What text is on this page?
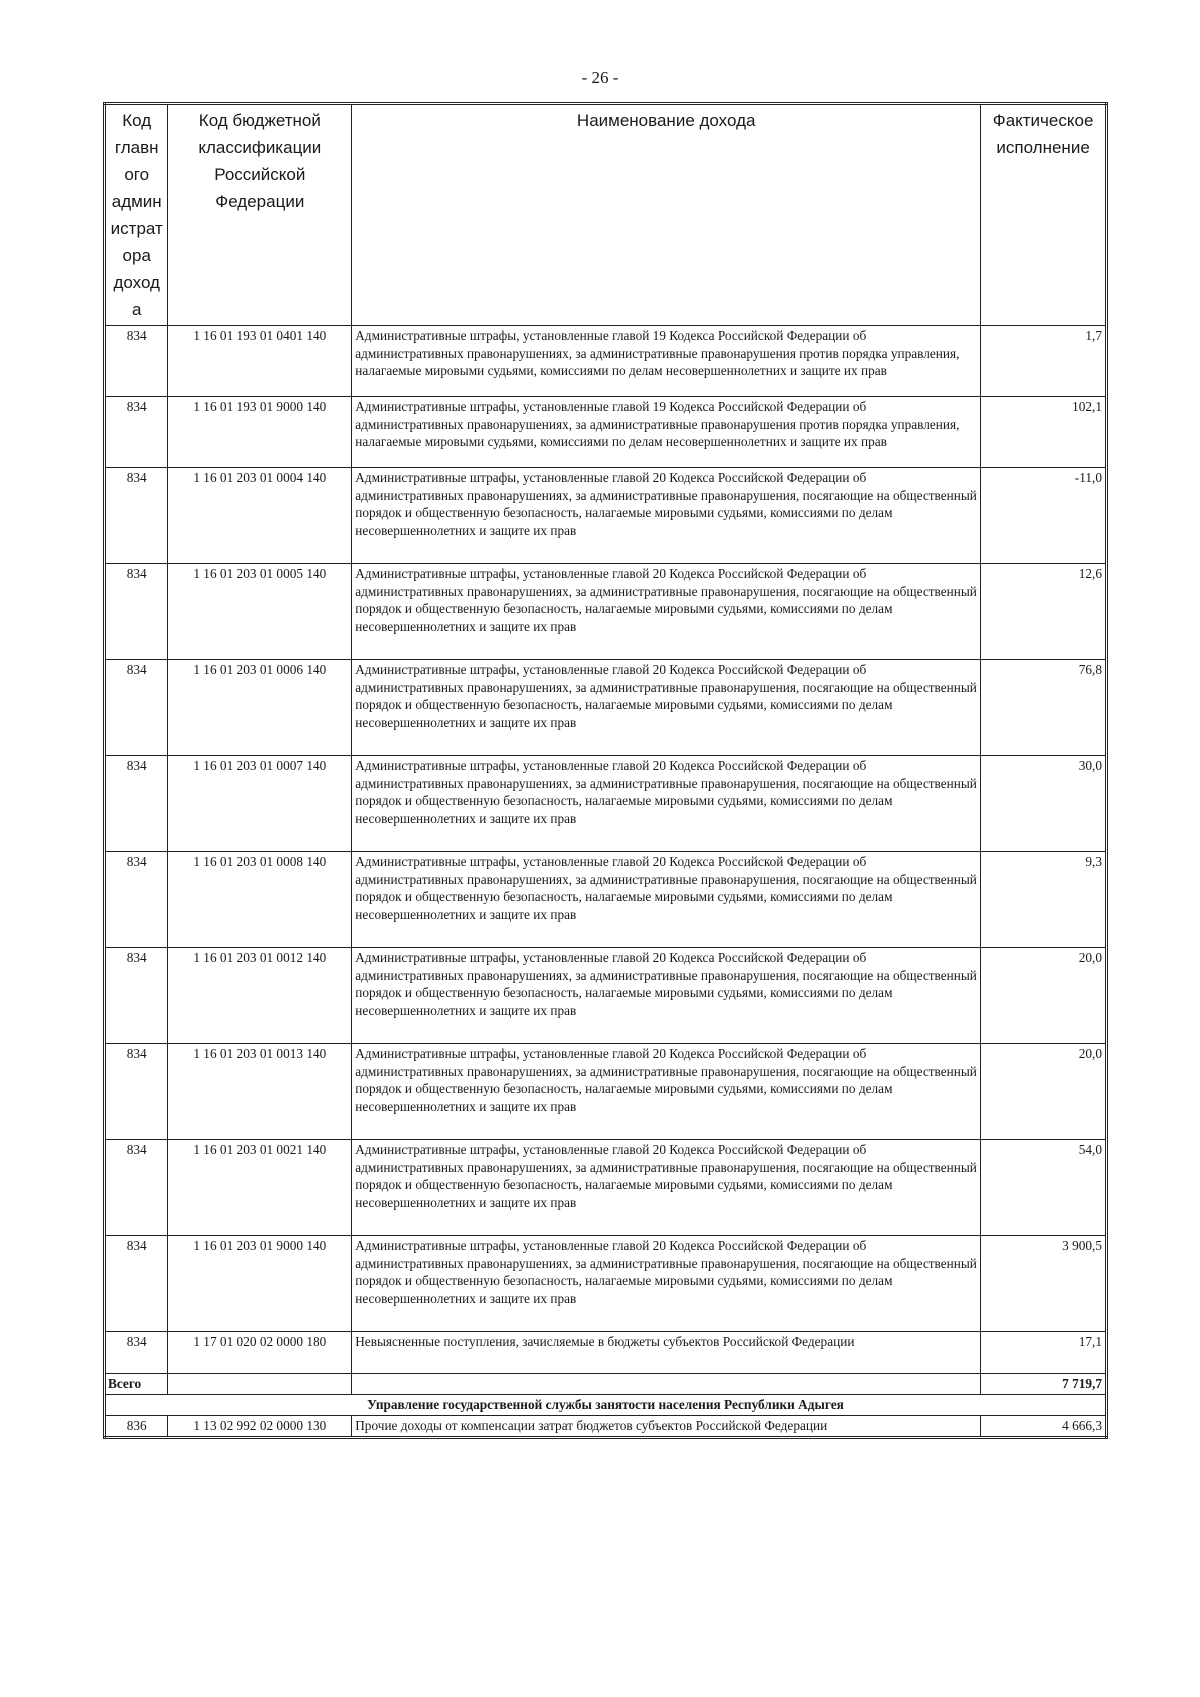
- 26 -
Код главн ого админ истрат ора доход а	Код бюджетной классификации Российской Федерации	Наименование дохода	Фактическое исполнение
834	1 16 01 193 01 0401 140	Административные штрафы, установленные главой 19 Кодекса Российской Федерации об административных правонарушениях, за административные правонарушения против порядка управления, налагаемые мировыми судьями, комиссиями по делам несовершеннолетних и защите их прав	1,7
834	1 16 01 193 01 9000 140	Административные штрафы, установленные главой 19 Кодекса Российской Федерации об административных правонарушениях, за административные правонарушения против порядка управления, налагаемые мировыми судьями, комиссиями по делам несовершеннолетних и защите их прав	102,1
834	1 16 01 203 01 0004 140	Административные штрафы, установленные главой 20 Кодекса Российской Федерации об административных правонарушениях, за административные правонарушения, посягающие на общественный порядок и общественную безопасность, налагаемые мировыми судьями, комиссиями по делам несовершеннолетних и защите их прав	-11,0
834	1 16 01 203 01 0005 140	Административные штрафы, установленные главой 20 Кодекса Российской Федерации об административных правонарушениях, за административные правонарушения, посягающие на общественный порядок и общественную безопасность, налагаемые мировыми судьями, комиссиями по делам несовершеннолетних и защите их прав	12,6
834	1 16 01 203 01 0006 140	Административные штрафы, установленные главой 20 Кодекса Российской Федерации об административных правонарушениях, за административные правонарушения, посягающие на общественный порядок и общественную безопасность, налагаемые мировыми судьями, комиссиями по делам несовершеннолетних и защите их прав	76,8
834	1 16 01 203 01 0007 140	Административные штрафы, установленные главой 20 Кодекса Российской Федерации об административных правонарушениях, за административные правонарушения, посягающие на общественный порядок и общественную безопасность, налагаемые мировыми судьями, комиссиями по делам несовершеннолетних и защите их прав	30,0
834	1 16 01 203 01 0008 140	Административные штрафы, установленные главой 20 Кодекса Российской Федерации об административных правонарушениях, за административные правонарушения, посягающие на общественный порядок и общественную безопасность, налагаемые мировыми судьями, комиссиями по делам несовершеннолетних и защите их прав	9,3
834	1 16 01 203 01 0012 140	Административные штрафы, установленные главой 20 Кодекса Российской Федерации об административных правонарушениях, за административные правонарушения, посягающие на общественный порядок и общественную безопасность, налагаемые мировыми судьями, комиссиями по делам несовершеннолетних и защите их прав	20,0
834	1 16 01 203 01 0013 140	Административные штрафы, установленные главой 20 Кодекса Российской Федерации об административных правонарушениях, за административные правонарушения, посягающие на общественный порядок и общественную безопасность, налагаемые мировыми судьями, комиссиями по делам несовершеннолетних и защите их прав	20,0
834	1 16 01 203 01 0021 140	Административные штрафы, установленные главой 20 Кодекса Российской Федерации об административных правонарушениях, за административные правонарушения, посягающие на общественный порядок и общественную безопасность, налагаемые мировыми судьями, комиссиями по делам несовершеннолетних и защите их прав	54,0
834	1 16 01 203 01 9000 140	Административные штрафы, установленные главой 20 Кодекса Российской Федерации об административных правонарушениях, за административные правонарушения, посягающие на общественный порядок и общественную безопасность, налагаемые мировыми судьями, комиссиями по делам несовершеннолетних и защите их прав	3 900,5
834	1 17 01 020 02 0000 180	Невыясненные поступления, зачисляемые в бюджеты субъектов Российской Федерации	17,1
Всего			7 719,7
Управление государственной службы занятости населения Республики Адыгея			
836	1 13 02 992 02 0000 130	Прочие доходы от компенсации затрат бюджетов субъектов Российской Федерации	4 666,3
